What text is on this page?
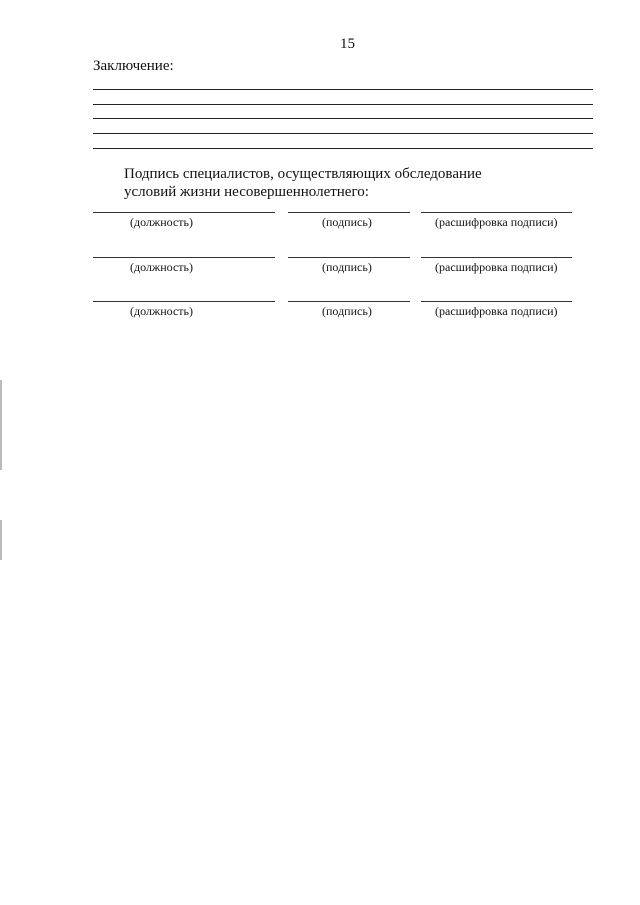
15
Заключение:
Подпись специалистов, осуществляющих обследование
условий жизни несовершеннолетнего:
(должность)	(подпись)	(расшифровка подписи)
(должность)	(подпись)	(расшифровка подписи)
(должность)	(подпись)	(расшифровка подписи)
